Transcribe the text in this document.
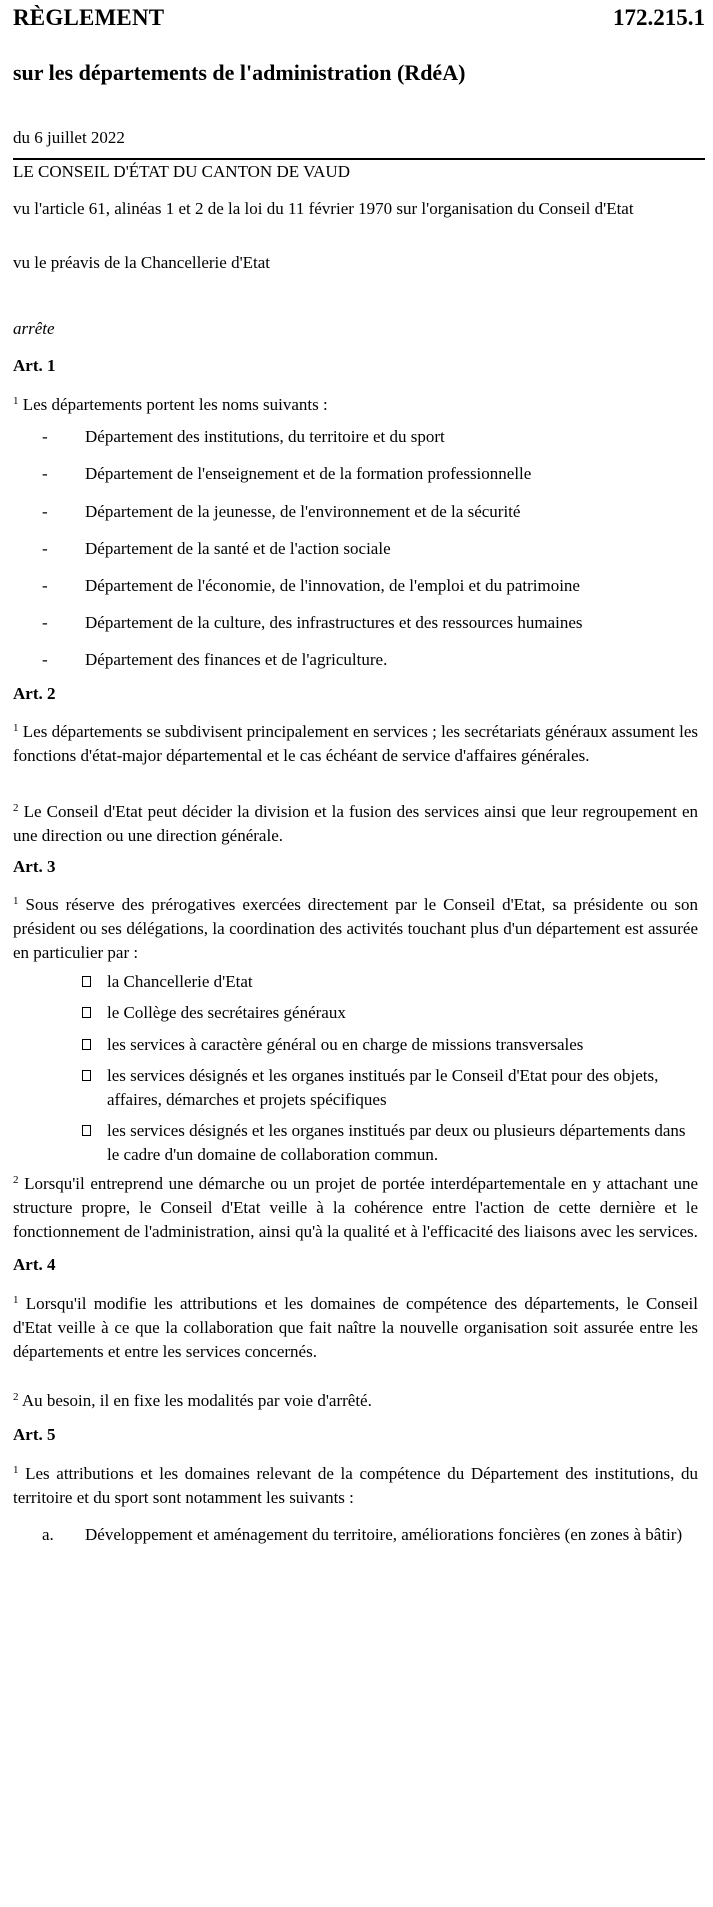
RÈGLEMENT	172.215.1
sur les départements de l'administration (RdéA)
du 6 juillet 2022
LE CONSEIL D'ÉTAT DU CANTON DE VAUD
vu l'article 61, alinéas 1 et 2 de la loi du 11 février 1970 sur l'organisation du Conseil d'Etat
vu le préavis de la Chancellerie d'Etat
arrête
Art. 1
$^1$ Les départements portent les noms suivants :
- Département des institutions, du territoire et du sport
- Département de l'enseignement et de la formation professionnelle
- Département de la jeunesse, de l'environnement et de la sécurité
- Département de la santé et de l'action sociale
- Département de l'économie, de l'innovation, de l'emploi et du patrimoine
- Département de la culture, des infrastructures et des ressources humaines
- Département des finances et de l'agriculture.
Art. 2
$^1$ Les départements se subdivisent principalement en services ; les secrétariats généraux assument les fonctions d'état-major départemental et le cas échéant de service d'affaires générales.
$^2$ Le Conseil d'Etat peut décider la division et la fusion des services ainsi que leur regroupement en une direction ou une direction générale.
Art. 3
$^1$ Sous réserve des prérogatives exercées directement par le Conseil d'Etat, sa présidente ou son président ou ses délégations, la coordination des activités touchant plus d'un département est assurée en particulier par :
la Chancellerie d'Etat
le Collège des secrétaires généraux
les services à caractère général ou en charge de missions transversales
les services désignés et les organes institués par le Conseil d'Etat pour des objets, affaires, démarches et projets spécifiques
les services désignés et les organes institués par deux ou plusieurs départements dans le cadre d'un domaine de collaboration commun.
$^2$ Lorsqu'il entreprend une démarche ou un projet de portée interdépartementale en y attachant une structure propre, le Conseil d'Etat veille à la cohérence entre l'action de cette dernière et le fonctionnement de l'administration, ainsi qu'à la qualité et à l'efficacité des liaisons avec les services.
Art. 4
$^1$ Lorsqu'il modifie les attributions et les domaines de compétence des départements, le Conseil d'Etat veille à ce que la collaboration que fait naître la nouvelle organisation soit assurée entre les départements et entre les services concernés.
$^2$ Au besoin, il en fixe les modalités par voie d'arrêté.
Art. 5
$^1$ Les attributions et les domaines relevant de la compétence du Département des institutions, du territoire et du sport sont notamment les suivants :
a. Développement et aménagement du territoire, améliorations foncières (en zones à bâtir)
